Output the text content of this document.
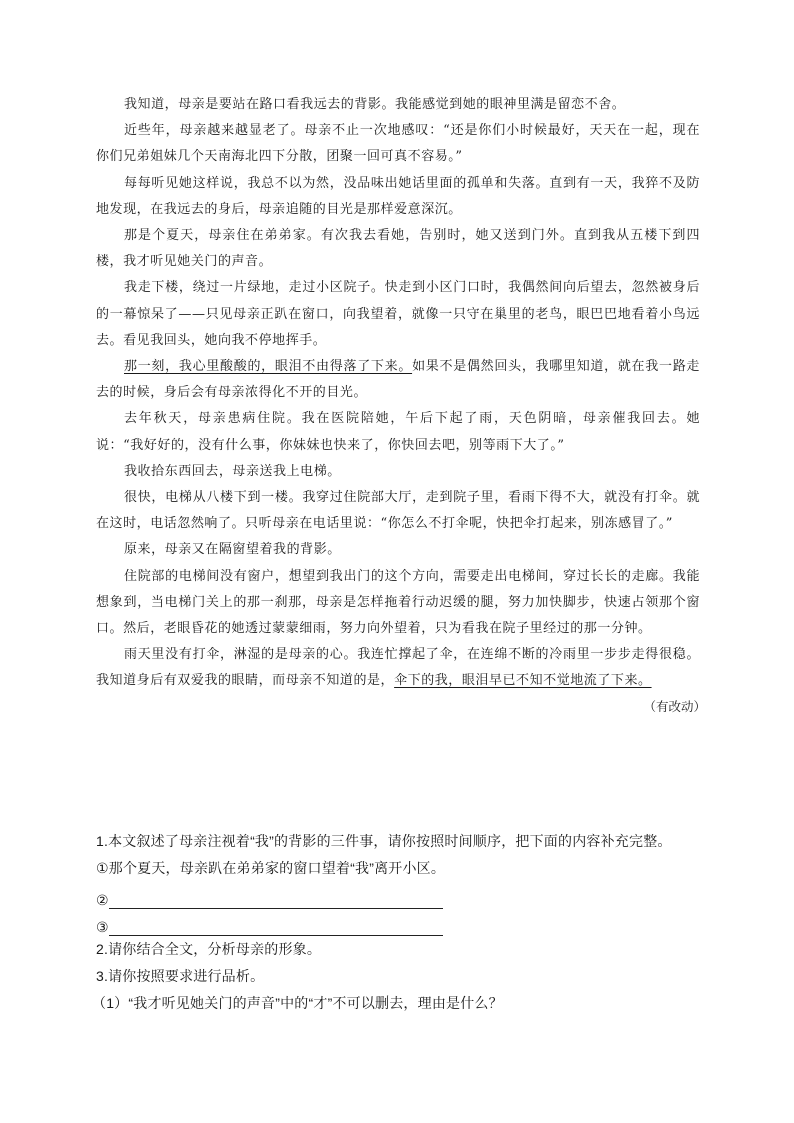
我知道，母亲是要站在路口看我远去的背影。我能感觉到她的眼神里满是留恋不舍。

近些年，母亲越来越显老了。母亲不止一次地感叹：“还是你们小时候最好，天天在一起，现在你们兄弟姐妹几个天南海北四下分散，团聚一回可真不容易。”

每每听见她这样说，我总不以为然，没品味出她话里面的孤单和失落。直到有一天，我猝不及防地发现，在我远去的身后，母亲追随的目光是那样爱意深沉。

那是个夏天，母亲住在弟弟家。有次我去看她，告别时，她又送到门外。直到我从五楼下到四楼，我才听见她关门的声音。

我走下楼，绕过一片绿地，走过小区院子。快走到小区门口时，我偶然间向后望去，忽然被身后的一幕惊呆了——只见母亲正趴在窗口，向我望着，就像一只守在巢里的老鸟，眼巴巴地看着小鸟远去。看见我回头，她向我不停地挥手。

那一刻，我心里酸酸的，眼泪不由得落了下来。如果不是偶然回头，我哪里知道，就在我一路走去的时候，身后会有母亲浓得化不开的目光。

去年秋天，母亲患病住院。我在医院陪她，午后下起了雨，天色阴暗，母亲催我回去。她说：“我好好的，没有什么事，你妹妹也快来了，你快回去吧，别等雨下大了。”

我收拾东西回去，母亲送我上电梯。

很快，电梯从八楼下到一楼。我穿过住院部大厅，走到院子里，看雨下得不大，就没有打伞。就在这时，电话忽然响了。只听母亲在电话里说：“你怎么不打伞呢，快把伞打起来，别冻感冒了。”

原来，母亲又在隔窗望着我的背影。

住院部的电梯间没有窗户，想望到我出门的这个方向，需要走出电梯间，穿过长长的走廊。我能想象到，当电梯门关上的那一刹那，母亲是怎样拖着行动迟缓的腿，努力加快脚步，快速占领那个窗口。然后，老眼昏花的她透过蒙蒙细雨，努力向外望着，只为看我在院子里经过的那一分钟。

雨天里没有打伞，淋湿的是母亲的心。我连忙撑起了伞，在连绵不断的冷雨里一步步走得很稳。我知道身后有双爱我的眼睛，而母亲不知道的是，伞下的我，眼泪早已不知不觉地流了下来。

（有改动）

1.本文叙述了母亲注视着“我”的背影的三件事，请你按照时间顺序，把下面的内容补充完整。

①那个夏天，母亲趴在弟弟家的窗口望着“我”离开小区。

②
③

2.请你结合全文，分析母亲的形象。

3.请你按照要求进行品析。

（1）“我才听见她关门的声音”中的“才”不可以删去，理由是什么？
